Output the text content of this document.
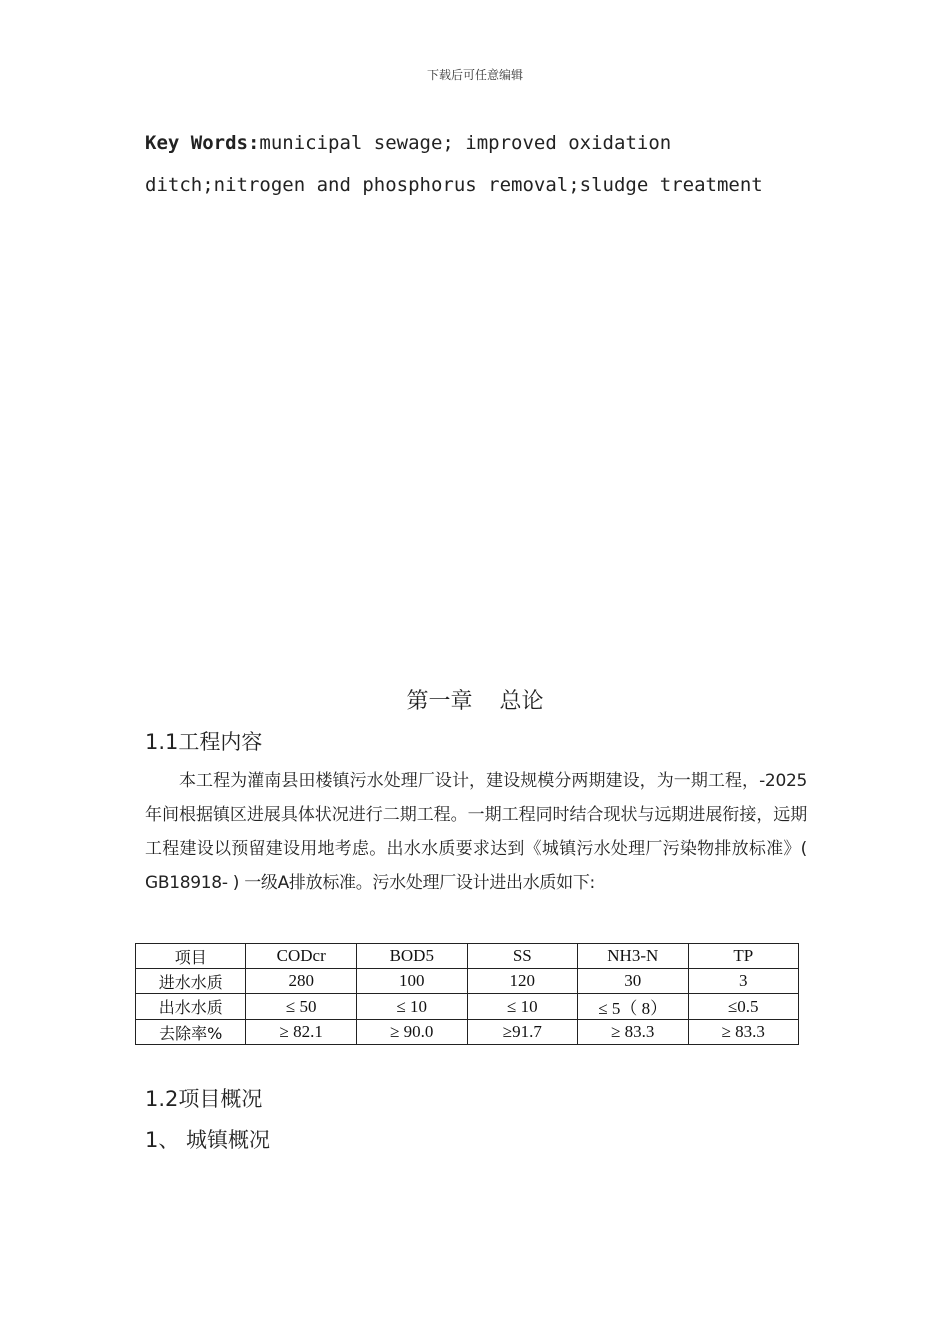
下载后可任意编辑
Key Words:municipal sewage; improved oxidation ditch;nitrogen and phosphorus removal;sludge treatment
第一章 总论
1.1工程内容
本工程为灌南县田楼镇污水处理厂设计，建设规模分两期建设，为一期工程，-2025年间根据镇区进展具体状况进行二期工程。一期工程同时结合现状与远期进展衔接，远期工程建设以预留建设用地考虑。出水水质要求达到《城镇污水处理厂污染物排放标准》( GB18918- ) 一级A排放标准。污水处理厂设计进出水质如下:
项目	CODcr	BOD5	SS	NH3-N	TP
进水水质	280	100	120	30	3
出水水质	≤ 50	≤ 10	≤ 10	≤ 5（ 8）	≤0.5
去除率%	≥ 82.1	≥ 90.0	≥91.7	≥ 83.3	≥ 83.3
1.2项目概况
1、 城镇概况
